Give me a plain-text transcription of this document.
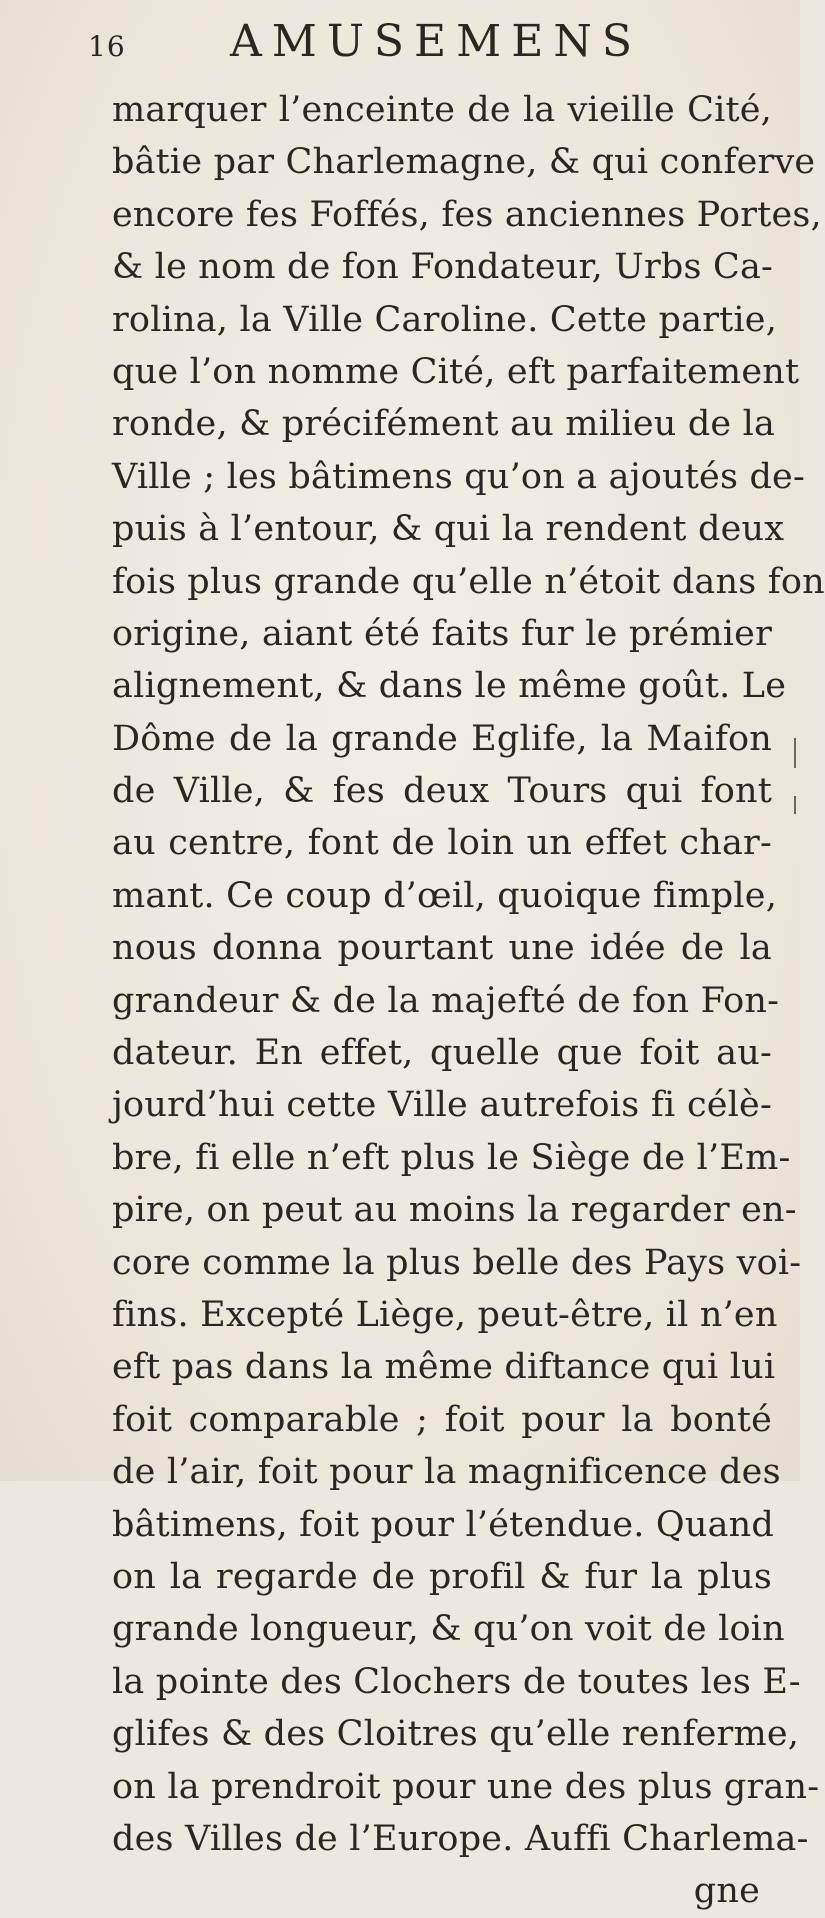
16 AMUSEMENS
marquer l’enceinte de la vieille Cité,
bâtie par Charlemagne, & qui conferve
encore fes Foffés, fes anciennes Portes,
& le nom de fon Fondateur, Urbs Ca-
rolina, la Ville Caroline. Cette partie,
que l’on nomme Cité, eft parfaitement
ronde, & précifément au milieu de la
Ville ; les bâtimens qu’on a ajoutés de-
puis à l’entour, & qui la rendent deux
fois plus grande qu’elle n’étoit dans fon
origine, aiant été faits fur le prémier
alignement, & dans le même goût. Le
Dôme de la grande Eglife, la Maifon
de Ville, & fes deux Tours qui font
au centre, font de loin un effet char-
mant. Ce coup d’œil, quoique fimple,
nous donna pourtant une idée de la
grandeur & de la majefté de fon Fon-
dateur. En effet, quelle que foit au-
jourd’hui cette Ville autrefois fi célè-
bre, fi elle n’eft plus le Siège de l’Em-
pire, on peut au moins la regarder en-
core comme la plus belle des Pays voi-
fins. Excepté Liège, peut-être, il n’en
eft pas dans la même diftance qui lui
foit comparable ; foit pour la bonté
de l’air, foit pour la magnificence des
bâtimens, foit pour l’étendue. Quand
on la regarde de profil & fur la plus
grande longueur, & qu’on voit de loin
la pointe des Clochers de toutes les E-
glifes & des Cloitres qu’elle renferme,
on la prendroit pour une des plus gran-
des Villes de l’Europe. Auffi Charlema-
gne
